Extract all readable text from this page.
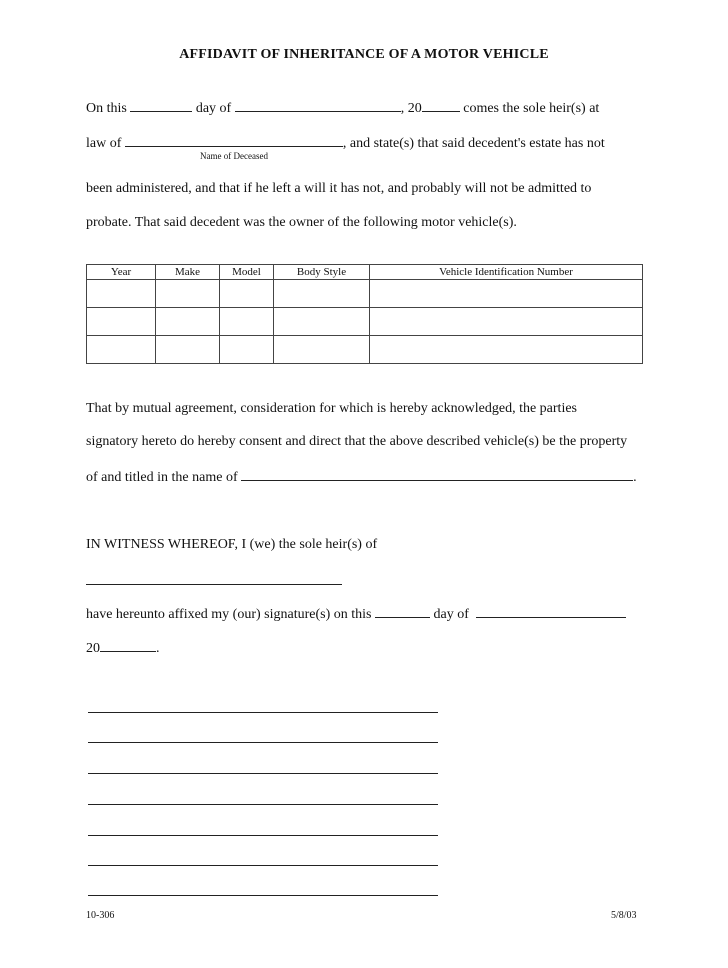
AFFIDAVIT OF INHERITANCE OF A MOTOR VEHICLE
On this	day of	, 20	comes the sole heir(s) at
law of	, and state(s) that said decedent's estate has not
Name of Deceased
been administered, and that if he left a will it has not, and probably will not be admitted to
probate. That said decedent was the owner of the following motor vehicle(s).
Year	Make	Model	Body Style	Vehicle Identification Number

That by mutual agreement, consideration for which is hereby acknowledged, the parties
signatory hereto do hereby consent and direct that the above described vehicle(s) be the property
of and titled in the name of	.
IN WITNESS WHEREOF, I (we) the sole heir(s) of
have hereunto affixed my (our) signature(s) on this	day of
20	.
10-306	5/8/03
